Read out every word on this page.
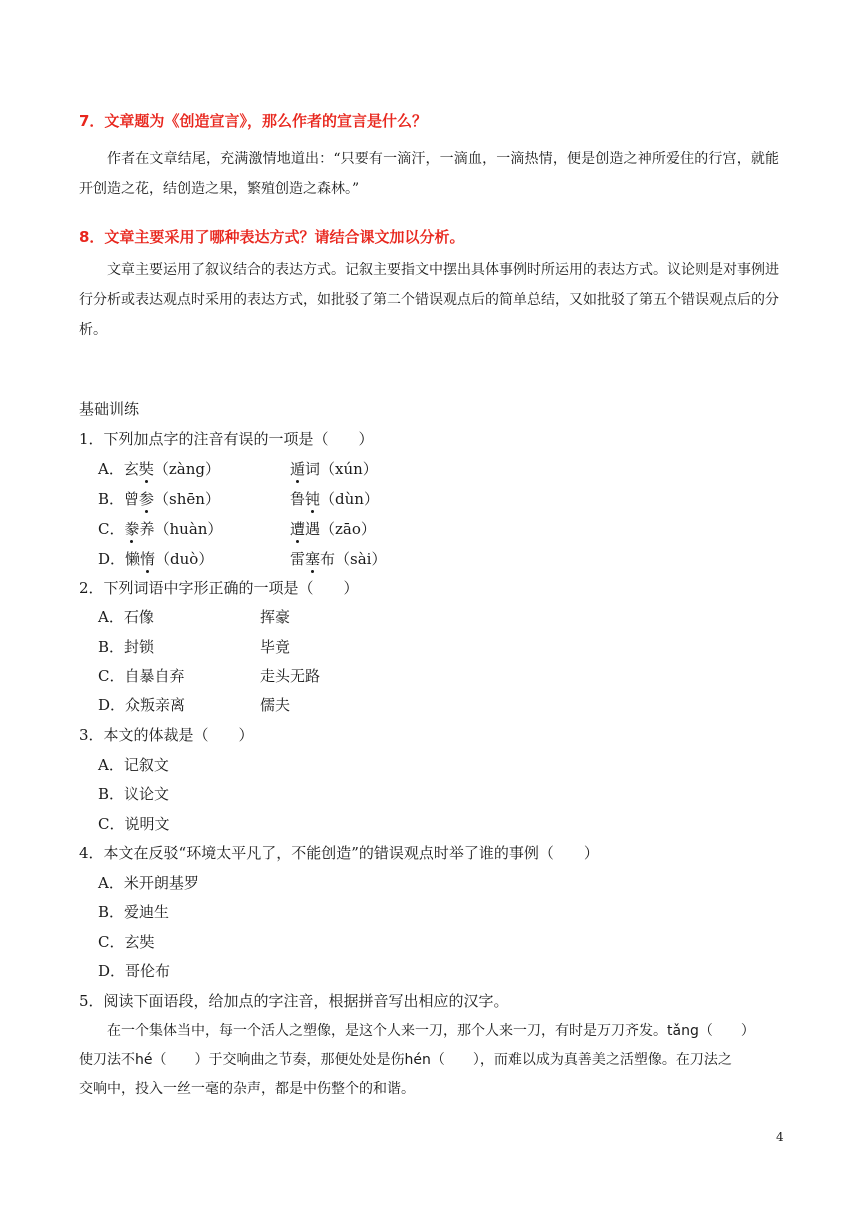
7．文章题为《创造宣言》，那么作者的宣言是什么？
作者在文章结尾，充满激情地道出：“只要有一滴汗，一滴血，一滴热情，便是创造之神所爱住的行宫，就能开创造之花，结创造之果，繁殖创造之森林。”
8．文章主要采用了哪种表达方式？请结合课文加以分析。
文章主要运用了叙议结合的表达方式。记叙主要指文中摆出具体事例时所运用的表达方式。议论则是对事例进行分析或表达观点时采用的表达方式，如批驳了第二个错误观点后的简单总结，又如批驳了第五个错误观点后的分析。
基础训练
1．下列加点字的注音有误的一项是（　　）
A．玄奘（zàng）	遁词（xún）
B．曾参（shēn）	鲁钝（dùn）
C．豢养（huàn）	遭遇（zāo）
D．懒惰（duò）	雷塞布（sài）
2．下列词语中字形正确的一项是（　　）
A．石像	挥豪
B．封锁	毕竟
C．自暴自弃	走头无路
D．众叛亲离	儒夫
3．本文的体裁是（　　）
A．记叙文
B．议论文
C．说明文
4．本文在反驳“环境太平凡了，不能创造”的错误观点时举了谁的事例（　　）
A．米开朗基罗
B．爱迪生
C．玄奘
D．哥伦布
5．阅读下面语段，给加点的字注音，根据拼音写出相应的汉字。
在一个集体当中，每一个活人之塑像，是这个人来一刀，那个人来一刀，有时是万刀齐发。tǎng（　　）
使刀法不hé（　　）于交响曲之节奏，那便处处是伤hén（　　），而难以成为真善美之活塑像。在刀法之
交响中，投入一丝一毫的杂声，都是中伤整个的和谐。
4
